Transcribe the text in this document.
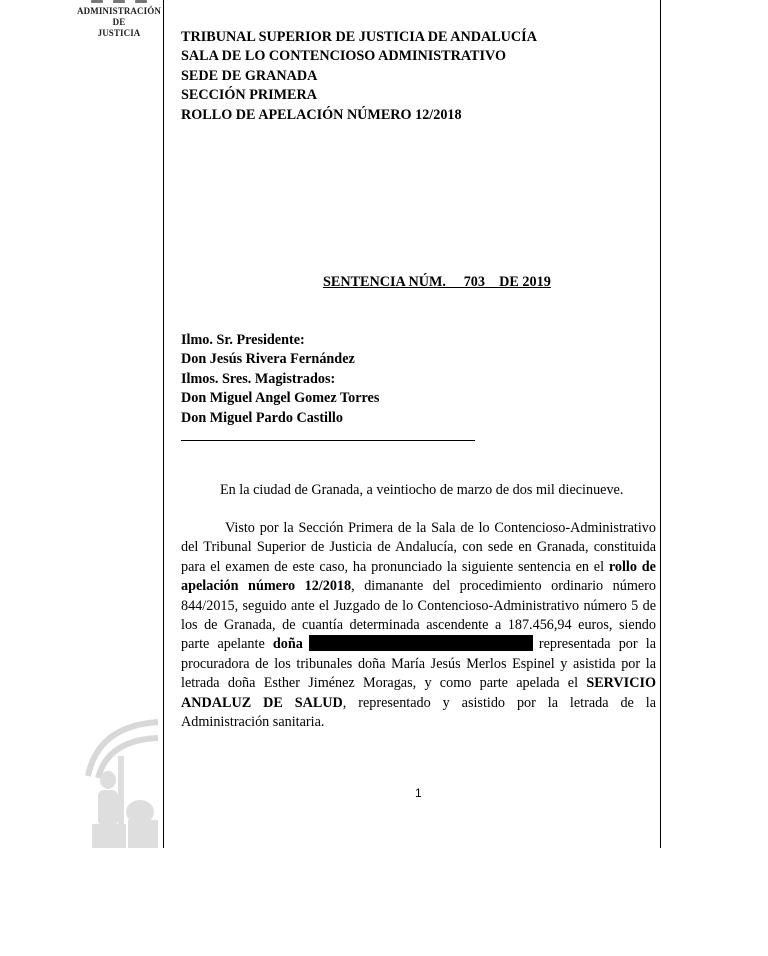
ADMINISTRACIÓN
DE
JUSTICIA	TRIBUNAL SUPERIOR DE JUSTICIA DE ANDALUCÍA
SALA DE LO CONTENCIOSO ADMINISTRATIVO
SEDE DE GRANADA
SECCIÓN PRIMERA
ROLLO DE APELACIÓN NÚMERO 12/2018
SENTENCIA NÚM.     703    DE 2019
Ilmo. Sr. Presidente:
Don Jesús Rivera Fernández
Ilmos. Sres. Magistrados:
Don Miguel Angel Gomez Torres
Don Miguel Pardo Castillo
En la ciudad de Granada, a veintiocho de marzo de dos mil diecinueve.
Visto por la Sección Primera de la Sala de lo Contencioso-Administrativo del Tribunal Superior de Justicia de Andalucía, con sede en Granada, constituida para el examen de este caso, ha pronunciado la siguiente sentencia en el rollo de apelación número 12/2018, dimanante del procedimiento ordinario número 844/2015, seguido ante el Juzgado de lo Contencioso-Administrativo número 5 de los de Granada, de cuantía determinada ascendente a 187.456,94 euros, siendo parte apelante doña	representada por la procuradora de los tribunales doña María Jesús Merlos Espinel y asistida por la letrada doña Esther Jiménez Moragas, y como parte apelada el SERVICIO ANDALUZ DE SALUD, representado y asistido por la letrada de la Administración sanitaria.
1
